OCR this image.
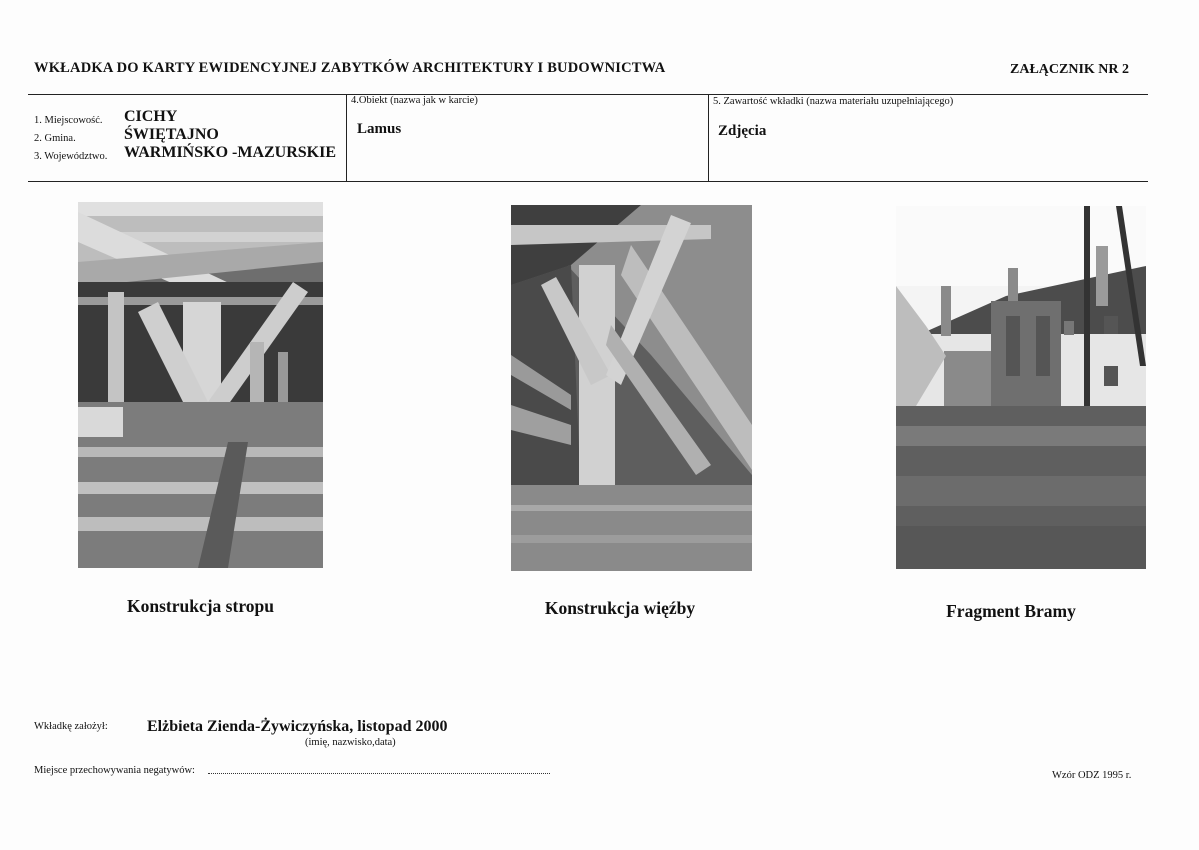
WKŁADKA DO KARTY EWIDENCYJNEJ ZABYTKÓW ARCHITEKTURY I BUDOWNICTWA	ZAŁĄCZNIK NR 2
1. Miejscowość. CICHY
2. Gmina.	ŚWIĘTAJNO
3. Województwo. WARMIŃSKO -MAZURSKIE
4.Obiekt (nazwa jak w karcie)
Lamus
5. Zawartość wkładki (nazwa materiału uzupełniającego)
Zdjęcia
Konstrukcja stropu	Konstrukcja więźby	Fragment Bramy
Wkładkę założył: Elżbieta Zienda-Żywiczyńska, listopad 2000
(imię, nazwisko,data)
Miejsce przechowywania negatywów:	Wzór ODZ 1995 r.
